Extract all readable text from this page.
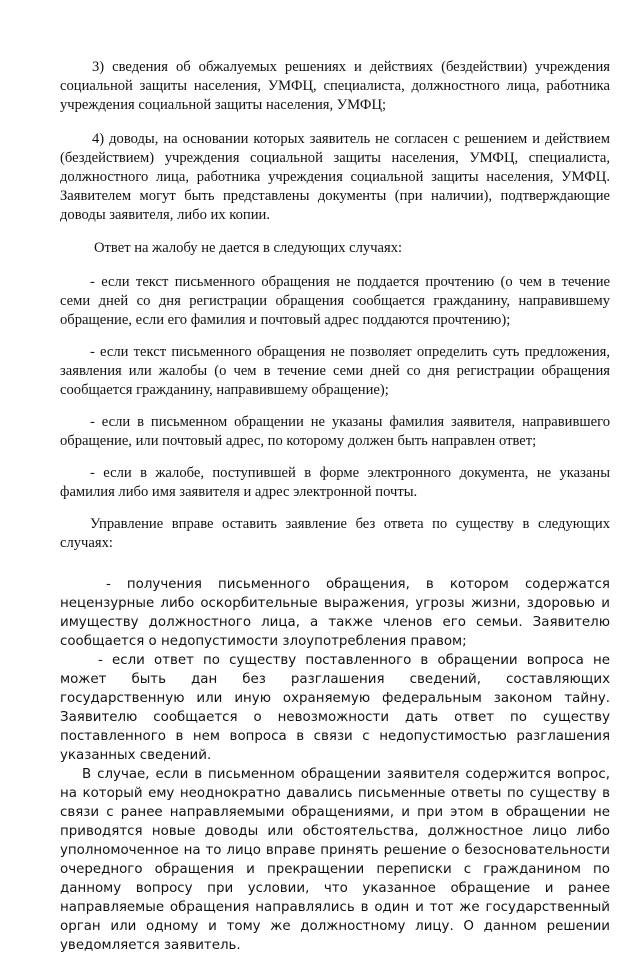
3) сведения об обжалуемых решениях и действиях (бездействии) учреждения социальной защиты населения, УМФЦ, специалиста, должностного лица, работника учреждения социальной защиты населения, УМФЦ;

4) доводы, на основании которых заявитель не согласен с решением и действием (бездействием) учреждения социальной защиты населения, УМФЦ, специалиста, должностного лица, работника учреждения социальной защиты населения, УМФЦ. Заявителем могут быть представлены документы (при наличии), подтверждающие доводы заявителя, либо их копии.

Ответ на жалобу не дается в следующих случаях:

- если текст письменного обращения не поддается прочтению (о чем в течение семи дней со дня регистрации обращения сообщается гражданину, направившему обращение, если его фамилия и почтовый адрес поддаются прочтению);

- если текст письменного обращения не позволяет определить суть предложения, заявления или жалобы (о чем в течение семи дней со дня регистрации обращения сообщается гражданину, направившему обращение);

- если в письменном обращении не указаны фамилия заявителя, направившего обращение, или почтовый адрес, по которому должен быть направлен ответ;

- если в жалобе, поступившей в форме электронного документа, не указаны фамилия либо имя заявителя и адрес электронной почты.

Управление вправе оставить заявление без ответа по существу в следующих случаях:

- получения письменного обращения, в котором содержатся нецензурные либо оскорбительные выражения, угрозы жизни, здоровью и имуществу должностного лица, а также членов его семьи. Заявителю сообщается о недопустимости злоупотребления правом;

- если ответ по существу поставленного в обращении вопроса не может быть дан без разглашения сведений, составляющих государственную или иную охраняемую федеральным законом тайну. Заявителю сообщается о невозможности дать ответ по существу поставленного в нем вопроса в связи с недопустимостью разглашения указанных сведений.

В случае, если в письменном обращении заявителя содержится вопрос, на который ему неоднократно давались письменные ответы по существу в связи с ранее направляемыми обращениями, и при этом в обращении не приводятся новые доводы или обстоятельства, должностное лицо либо уполномоченное на то лицо вправе принять решение о безосновательности очередного обращения и прекращении переписки с гражданином по данному вопросу при условии, что указанное обращение и ранее направляемые обращения направлялись в один и тот же государственный орган или одному и тому же должностному лицу. О данном решении уведомляется заявитель.
